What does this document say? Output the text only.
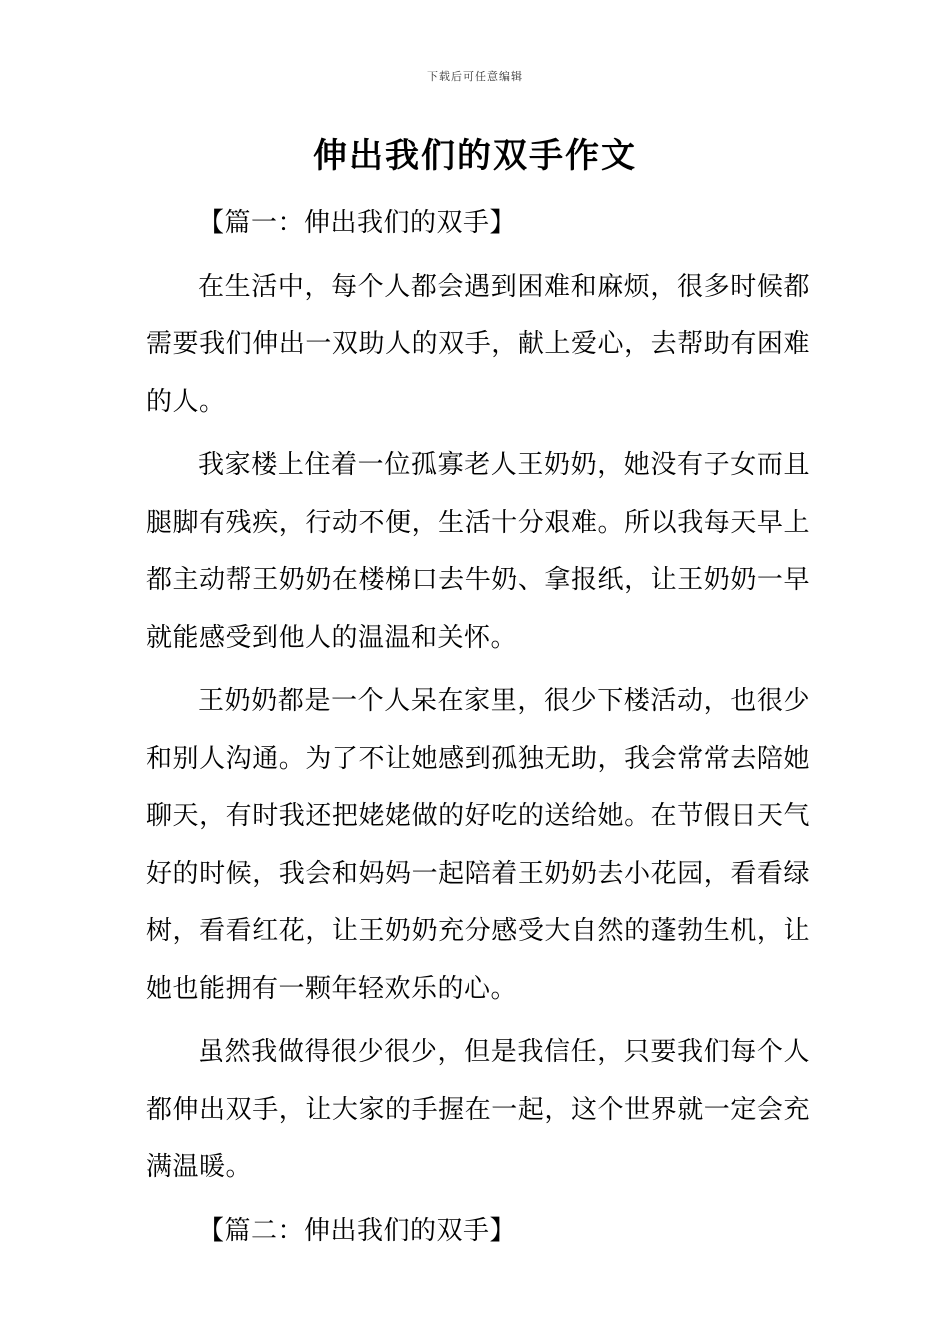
下载后可任意编辑
伸出我们的双手作文
【篇一：伸出我们的双手】

在生活中，每个人都会遇到困难和麻烦，很多时候都需要我们伸出一双助人的双手，献上爱心，去帮助有困难的人。

我家楼上住着一位孤寡老人王奶奶，她没有子女而且腿脚有残疾，行动不便，生活十分艰难。所以我每天早上都主动帮王奶奶在楼梯口去牛奶、拿报纸，让王奶奶一早就能感受到他人的温温和关怀。

王奶奶都是一个人呆在家里，很少下楼活动，也很少和别人沟通。为了不让她感到孤独无助，我会常常去陪她聊天，有时我还把姥姥做的好吃的送给她。在节假日天气好的时候，我会和妈妈一起陪着王奶奶去小花园，看看绿树，看看红花，让王奶奶充分感受大自然的蓬勃生机，让她也能拥有一颗年轻欢乐的心。

虽然我做得很少很少，但是我信任，只要我们每个人都伸出双手，让大家的手握在一起，这个世界就一定会充满温暖。

【篇二：伸出我们的双手】
